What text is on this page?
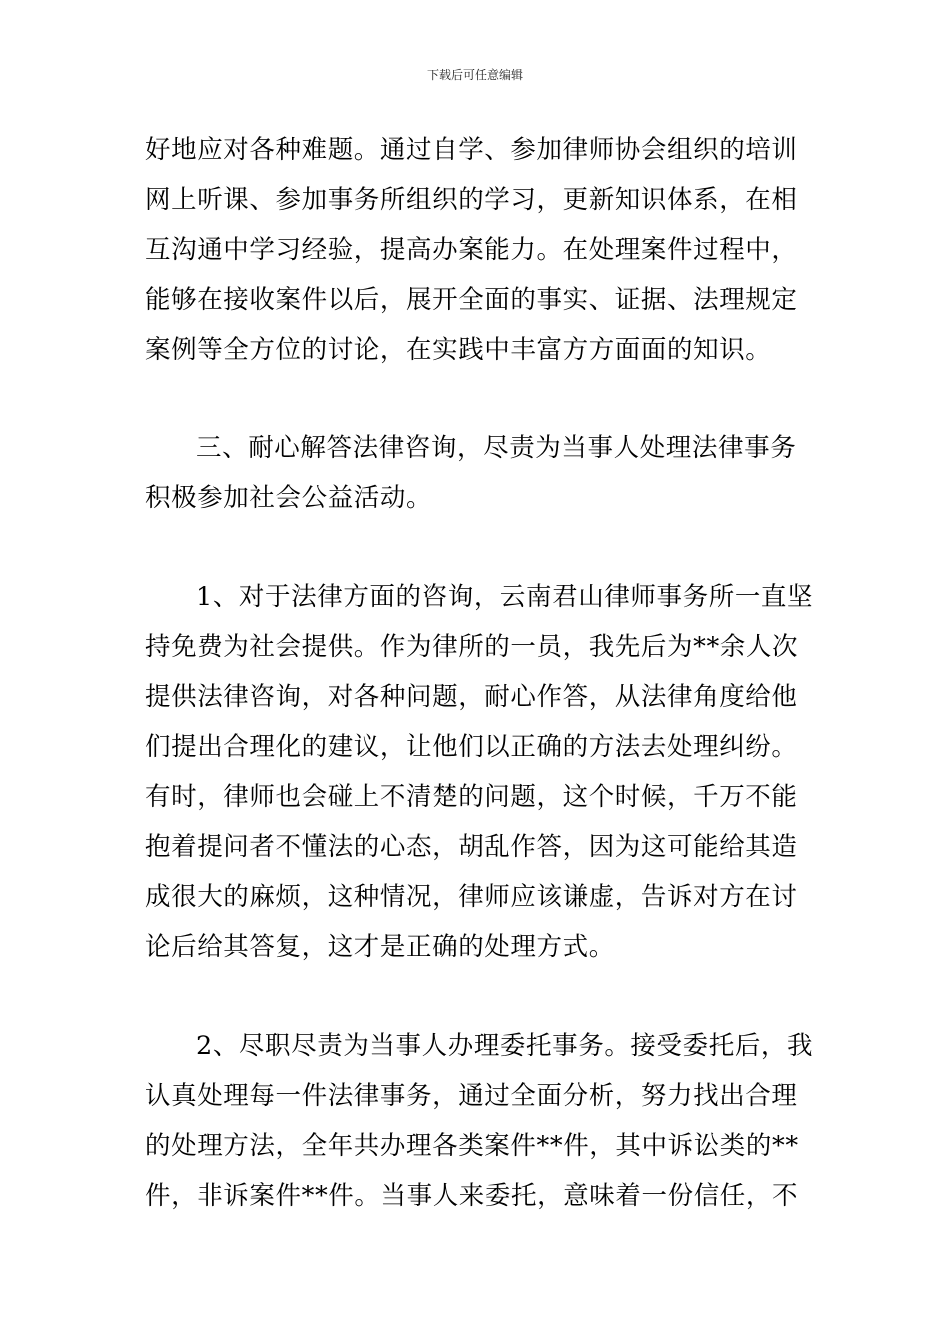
下载后可任意编辑
好地应对各种难题。通过自学、参加律师协会组织的培训
网上听课、参加事务所组织的学习，更新知识体系，在相
互沟通中学习经验，提高办案能力。在处理案件过程中，
能够在接收案件以后，展开全面的事实、证据、法理规定
案例等全方位的讨论，在实践中丰富方方面面的知识。
三、耐心解答法律咨询，尽责为当事人处理法律事务
积极参加社会公益活动。
1、对于法律方面的咨询，云南君山律师事务所一直坚
持免费为社会提供。作为律所的一员，我先后为**余人次
提供法律咨询，对各种问题，耐心作答，从法律角度给他
们提出合理化的建议，让他们以正确的方法去处理纠纷。
有时，律师也会碰上不清楚的问题，这个时候，千万不能
抱着提问者不懂法的心态，胡乱作答，因为这可能给其造
成很大的麻烦，这种情况，律师应该谦虚，告诉对方在讨
论后给其答复，这才是正确的处理方式。
2、尽职尽责为当事人办理委托事务。接受委托后，我
认真处理每一件法律事务，通过全面分析，努力找出合理
的处理方法，全年共办理各类案件**件，其中诉讼类的**
件，非诉案件**件。当事人来委托，意味着一份信任，不
